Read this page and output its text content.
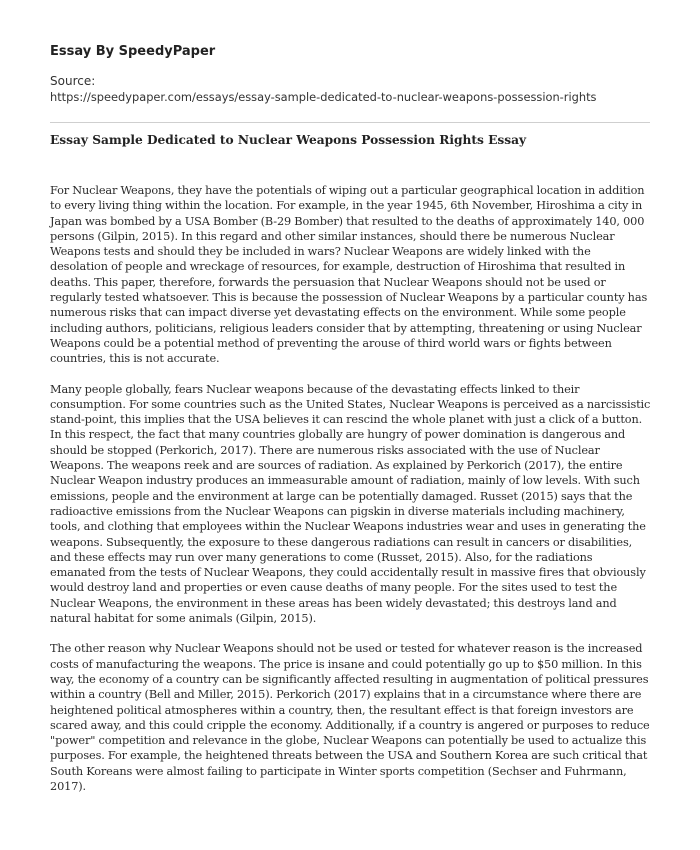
Essay By SpeedyPaper

Source:

https://speedypaper.com/essays/essay-sample-dedicated-to-nuclear-weapons-possession-rights

Essay Sample Dedicated to Nuclear Weapons Possession Rights Essay

For Nuclear Weapons, they have the potentials of wiping out a particular geographical location in addition to every living thing within the location. For example, in the year 1945, 6th November, Hiroshima a city in Japan was bombed by a USA Bomber (B-29 Bomber) that resulted to the deaths of approximately 140, 000 persons (Gilpin, 2015). In this regard and other similar instances, should there be numerous Nuclear Weapons tests and should they be included in wars? Nuclear Weapons are widely linked with the desolation of people and wreckage of resources, for example, destruction of Hiroshima that resulted in deaths. This paper, therefore, forwards the persuasion that Nuclear Weapons should not be used or regularly tested whatsoever. This is because the possession of Nuclear Weapons by a particular county has numerous risks that can impact diverse yet devastating effects on the environment. While some people including authors, politicians, religious leaders consider that by attempting, threatening or using Nuclear Weapons could be a potential method of preventing the arouse of third world wars or fights between countries, this is not accurate.

Many people globally, fears Nuclear weapons because of the devastating effects linked to their consumption. For some countries such as the United States, Nuclear Weapons is perceived as a narcissistic stand-point, this implies that the USA believes it can rescind the whole planet with just a click of a button. In this respect, the fact that many countries globally are hungry of power domination is dangerous and should be stopped (Perkorich, 2017). There are numerous risks associated with the use of Nuclear Weapons. The weapons reek and are sources of radiation. As explained by Perkorich (2017), the entire Nuclear Weapon industry produces an immeasurable amount of radiation, mainly of low levels. With such emissions, people and the environment at large can be potentially damaged. Russet (2015) says that the radioactive emissions from the Nuclear Weapons can pigskin in diverse materials including machinery, tools, and clothing that employees within the Nuclear Weapons industries wear and uses in generating the weapons. Subsequently, the exposure to these dangerous radiations can result in cancers or disabilities, and these effects may run over many generations to come (Russet, 2015). Also, for the radiations emanated from the tests of Nuclear Weapons, they could accidentally result in massive fires that obviously would destroy land and properties or even cause deaths of many people. For the sites used to test the Nuclear Weapons, the environment in these areas has been widely devastated; this destroys land and natural habitat for some animals (Gilpin, 2015).

The other reason why Nuclear Weapons should not be used or tested for whatever reason is the increased costs of manufacturing the weapons. The price is insane and could potentially go up to $50 million. In this way, the economy of a country can be significantly affected resulting in augmentation of political pressures within a country (Bell and Miller, 2015). Perkorich (2017) explains that in a circumstance where there are heightened political atmospheres within a country, then, the resultant effect is that foreign investors are scared away, and this could cripple the economy. Additionally, if a country is angered or purposes to reduce "power" competition and relevance in the globe, Nuclear Weapons can potentially be used to actualize this purposes. For example, the heightened threats between the USA and Southern Korea are such critical that South Koreans were almost failing to participate in Winter sports competition (Sechser and Fuhrmann, 2017).
